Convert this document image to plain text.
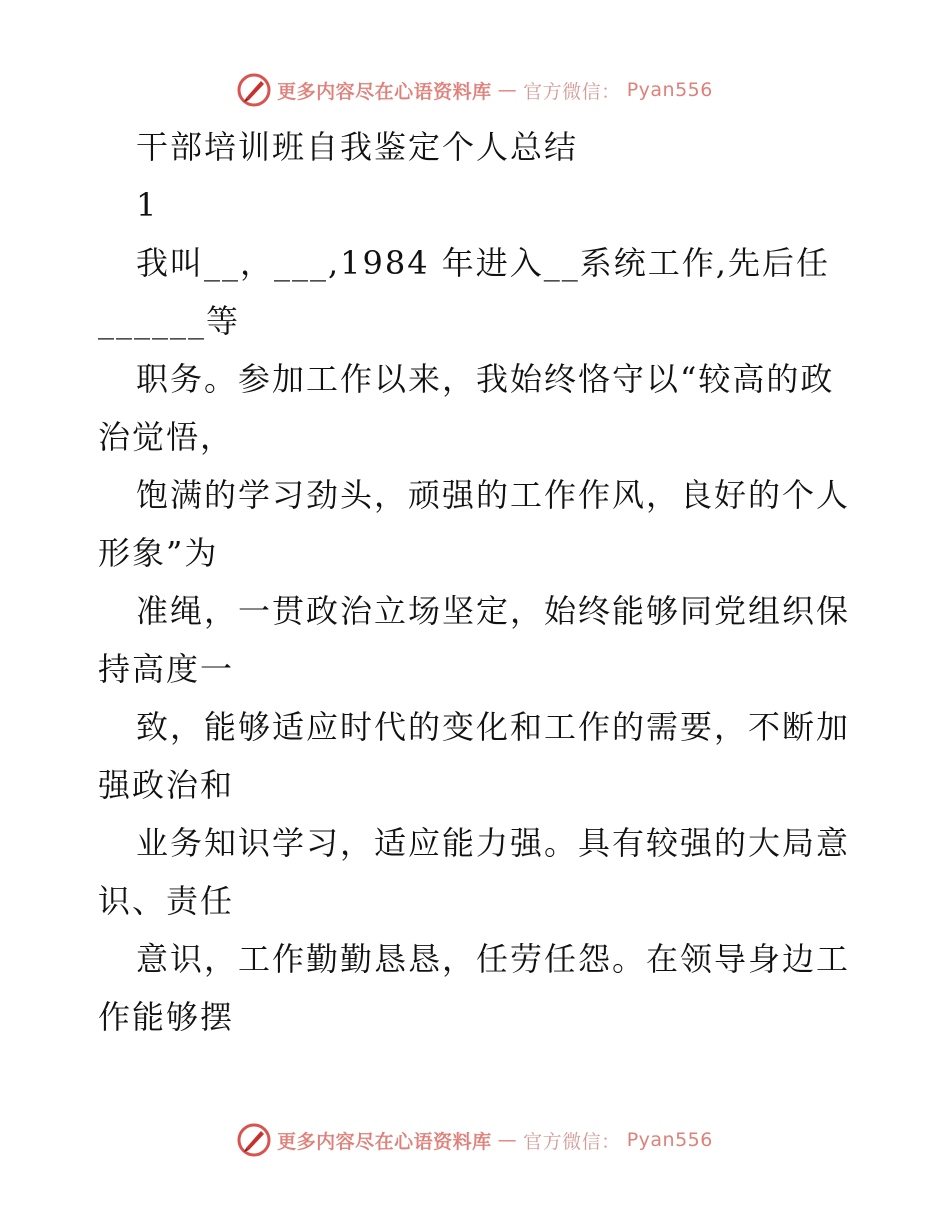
更多内容尽在心语资料库 — 官方微信： Pyan556
干部培训班自我鉴定个人总结
1
我叫__，___,1984 年进入__系统工作,先后任
______等
职务。参加工作以来，我始终恪守以“较高的政
治觉悟，
饱满的学习劲头，顽强的工作作风，良好的个人
形象”为
准绳，一贯政治立场坚定，始终能够同党组织保
持高度一
致，能够适应时代的变化和工作的需要，不断加
强政治和
业务知识学习，适应能力强。具有较强的大局意
识、责任
意识，工作勤勤恳恳，任劳任怨。在领导身边工
作能够摆
更多内容尽在心语资料库 — 官方微信： Pyan556
